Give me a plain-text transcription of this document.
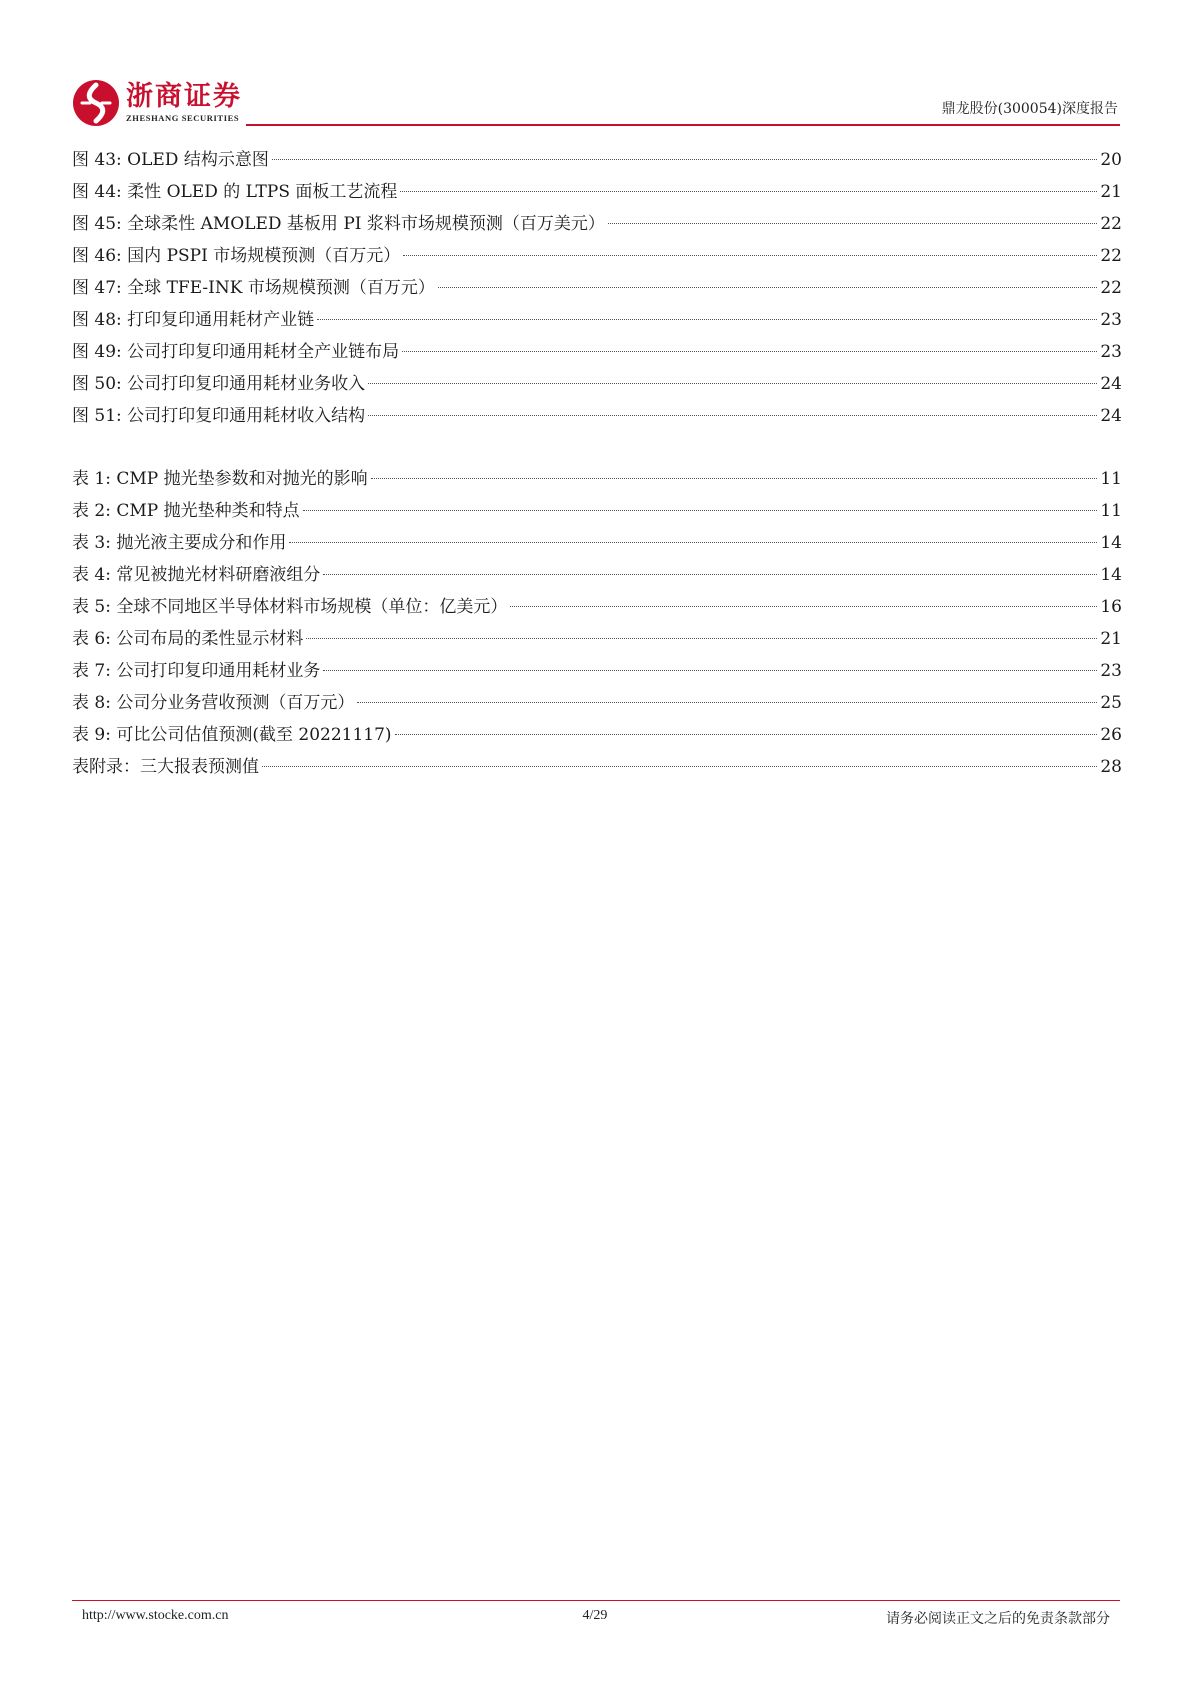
浙商证券
ZHESHANG SECURITIES
鼎龙股份(300054)深度报告
图 43: OLED 结构示意图	20
图 44: 柔性 OLED 的 LTPS 面板工艺流程	21
图 45: 全球柔性 AMOLED 基板用 PI 浆料市场规模预测（百万美元）	22
图 46: 国内 PSPI 市场规模预测（百万元）	22
图 47: 全球 TFE-INK 市场规模预测（百万元）	22
图 48: 打印复印通用耗材产业链	23
图 49: 公司打印复印通用耗材全产业链布局	23
图 50: 公司打印复印通用耗材业务收入	24
图 51: 公司打印复印通用耗材收入结构	24
表 1: CMP 抛光垫参数和对抛光的影响	11
表 2: CMP 抛光垫种类和特点	11
表 3: 抛光液主要成分和作用	14
表 4: 常见被抛光材料研磨液组分	14
表 5: 全球不同地区半导体材料市场规模（单位：亿美元）	16
表 6: 公司布局的柔性显示材料	21
表 7: 公司打印复印通用耗材业务	23
表 8: 公司分业务营收预测（百万元）	25
表 9: 可比公司估值预测(截至 20221117)	26
表附录：三大报表预测值	28
http://www.stocke.com.cn	4/29	请务必阅读正文之后的免责条款部分
